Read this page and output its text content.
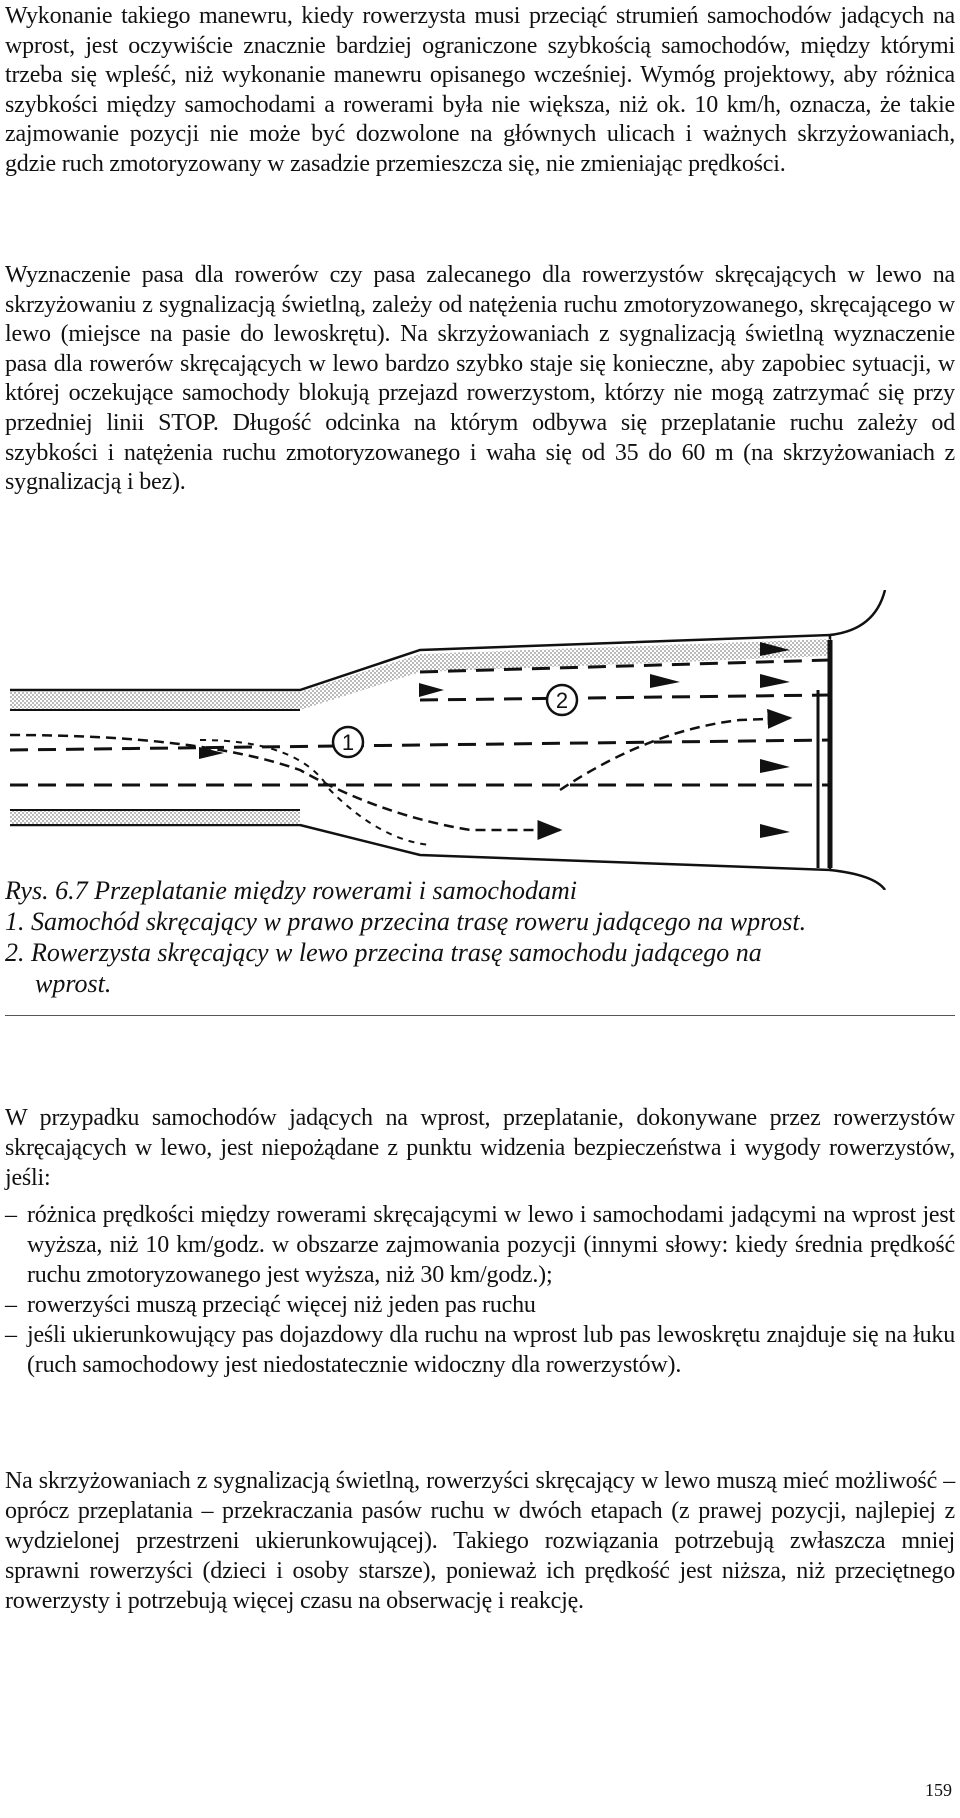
Wykonanie takiego manewru, kiedy rowerzysta musi przeciąć strumień samochodów jadących na wprost, jest oczywiście znacznie bardziej ograniczone szybkością samochodów, między którymi trzeba się wpleść, niż wykonanie manewru opisanego wcześniej. Wymóg projektowy, aby różnica szybkości między samochodami a rowerami była nie większa, niż ok. 10 km/h, oznacza, że takie zajmowanie pozycji nie może być dozwolone na głównych ulicach i ważnych skrzyżowaniach, gdzie ruch zmotoryzowany w zasadzie przemieszcza się, nie zmieniając prędkości.

Wyznaczenie pasa dla rowerów czy pasa zalecanego dla rowerzystów skręcających w lewo na skrzyżowaniu z sygnalizacją świetlną, zależy od natężenia ruchu zmotoryzowanego, skręcającego w lewo (miejsce na pasie do lewoskrętu). Na skrzyżowaniach z sygnalizacją świetlną wyznaczenie pasa dla rowerów skręcających w lewo bardzo szybko staje się konieczne, aby zapobiec sytuacji, w której oczekujące samochody blokują przejazd rowerzystom, którzy nie mogą zatrzymać się przy przedniej linii STOP. Długość odcinka na którym odbywa się przeplatanie ruchu zależy od szybkości i natężenia ruchu zmotoryzowanego i waha się od 35 do 60 m (na skrzyżowaniach z sygnalizacją i bez).

1
2
Rys. 6.7 Przeplatanie między rowerami i samochodami
1. Samochód skręcający w prawo przecina trasę roweru jadącego na wprost.
2. Rowerzysta skręcający w lewo przecina trasę samochodu jadącego na
wprost.

W przypadku samochodów jadących na wprost, przeplatanie, dokonywane przez rowerzystów skręcających w lewo, jest niepożądane z punktu widzenia bezpieczeństwa i wygody rowerzystów, jeśli:

– różnica prędkości między rowerami skręcającymi w lewo i samochodami jadącymi na wprost jest wyższa, niż 10 km/godz. w obszarze zajmowania pozycji (innymi słowy: kiedy średnia prędkość ruchu zmotoryzowanego jest wyższa, niż 30 km/godz.);
– rowerzyści muszą przeciąć więcej niż jeden pas ruchu
– jeśli ukierunkowujący pas dojazdowy dla ruchu na wprost lub pas lewoskrętu znajduje się na łuku (ruch samochodowy jest niedostatecznie widoczny dla rowerzystów).

Na skrzyżowaniach z sygnalizacją świetlną, rowerzyści skręcający w lewo muszą mieć możliwość – oprócz przeplatania – przekraczania pasów ruchu w dwóch etapach (z prawej pozycji, najlepiej z wydzielonej przestrzeni ukierunkowującej). Takiego rozwiązania potrzebują zwłaszcza mniej sprawni rowerzyści (dzieci i osoby starsze), ponieważ ich prędkość jest niższa, niż przeciętnego rowerzysty i potrzebują więcej czasu na obserwację i reakcję.

159
